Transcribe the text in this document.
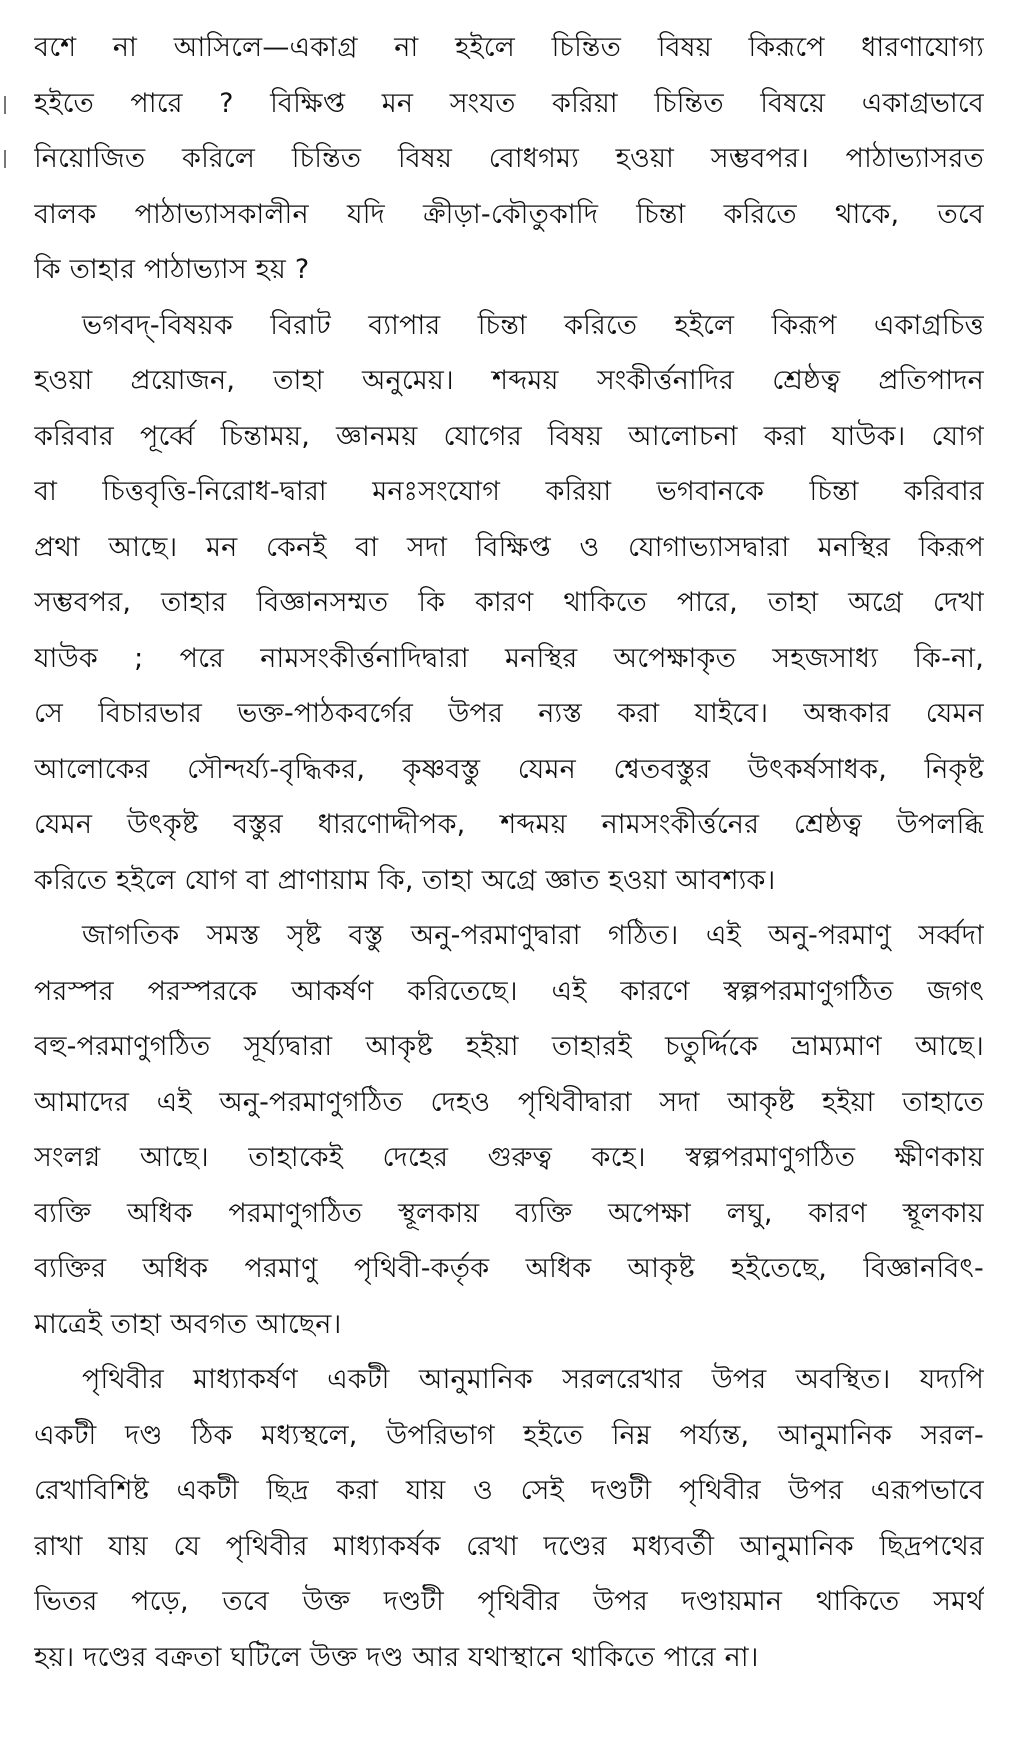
বশে না আসিলে—একাগ্র না হইলে চিন্তিত বিষয় কিরূপে ধারণাযোগ্য
হইতে পারে ? বিক্ষিপ্ত মন সংযত করিয়া চিন্তিত বিষয়ে একাগ্রভাবে
নিয়োজিত করিলে চিন্তিত বিষয় বোধগম্য হওয়া সম্ভবপর। পাঠাভ্যাসরত
বালক পাঠাভ্যাসকালীন যদি ক্রীড়া-কৌতুকাদি চিন্তা করিতে থাকে, তবে
কি তাহার পাঠাভ্যাস হয় ?
ভগবদ্-বিষয়ক বিরাট ব্যাপার চিন্তা করিতে হইলে কিরূপ একাগ্রচিত্ত
হওয়া প্রয়োজন, তাহা অনুমেয়। শব্দময় সংকীর্ত্তনাদির শ্রেষ্ঠত্ব প্রতিপাদন
করিবার পূর্ব্বে চিন্তাময়, জ্ঞানময় যোগের বিষয় আলোচনা করা যাউক। যোগ
বা চিত্তবৃত্তি-নিরোধ-দ্বারা মনঃসংযোগ করিয়া ভগবানকে চিন্তা করিবার
প্রথা আছে। মন কেনই বা সদা বিক্ষিপ্ত ও যোগাভ্যাসদ্বারা মনস্থির কিরূপ
সম্ভবপর, তাহার বিজ্ঞানসম্মত কি কারণ থাকিতে পারে, তাহা অগ্রে দেখা
যাউক ; পরে নামসংকীর্ত্তনাদিদ্বারা মনস্থির অপেক্ষাকৃত সহজসাধ্য কি-না,
সে বিচারভার ভক্ত-পাঠকবর্গের উপর ন্যস্ত করা যাইবে। অন্ধকার যেমন
আলোকের সৌন্দর্য্য-বৃদ্ধিকর, কৃষ্ণবস্তু যেমন শ্বেতবস্তুর উৎকর্ষসাধক, নিকৃষ্ট
যেমন উৎকৃষ্ট বস্তুর ধারণোদ্দীপক, শব্দময় নামসংকীর্ত্তনের শ্রেষ্ঠত্ব উপলব্ধি
করিতে হইলে যোগ বা প্রাণায়াম কি, তাহা অগ্রে জ্ঞাত হওয়া আবশ্যক।
জাগতিক সমস্ত সৃষ্ট বস্তু অনু-পরমাণুদ্বারা গঠিত। এই অনু-পরমাণু সর্ব্বদা
পরস্পর পরস্পরকে আকর্ষণ করিতেছে। এই কারণে স্বল্পপরমাণুগঠিত জগৎ
বহু-পরমাণুগঠিত সূর্য্যদ্বারা আকৃষ্ট হইয়া তাহারই চতুর্দ্দিকে ভ্রাম্যমাণ আছে।
আমাদের এই অনু-পরমাণুগঠিত দেহও পৃথিবীদ্বারা সদা আকৃষ্ট হইয়া তাহাতে
সংলগ্ন আছে। তাহাকেই দেহের গুরুত্ব কহে। স্বল্পপরমাণুগঠিত ক্ষীণকায়
ব্যক্তি অধিক পরমাণুগঠিত স্থূলকায় ব্যক্তি অপেক্ষা লঘু, কারণ স্থূলকায়
ব্যক্তির অধিক পরমাণু পৃথিবী-কর্তৃক অধিক আকৃষ্ট হইতেছে, বিজ্ঞানবিৎ-
মাত্রেই তাহা অবগত আছেন।
পৃথিবীর মাধ্যাকর্ষণ একটী আনুমানিক সরলরেখার উপর অবস্থিত। যদ্যপি
একটী দণ্ড ঠিক মধ্যস্থলে, উপরিভাগ হইতে নিম্ন পর্য্যন্ত, আনুমানিক সরল-
রেখাবিশিষ্ট একটী ছিদ্র করা যায় ও সেই দণ্ডটী পৃথিবীর উপর এরূপভাবে
রাখা যায় যে পৃথিবীর মাধ্যাকর্ষক রেখা দণ্ডের মধ্যবর্তী আনুমানিক ছিদ্রপথের
ভিতর পড়ে, তবে উক্ত দণ্ডটী পৃথিবীর উপর দণ্ডায়মান থাকিতে সমর্থ
হয়। দণ্ডের বক্রতা ঘটিলে উক্ত দণ্ড আর যথাস্থানে থাকিতে পারে না।
